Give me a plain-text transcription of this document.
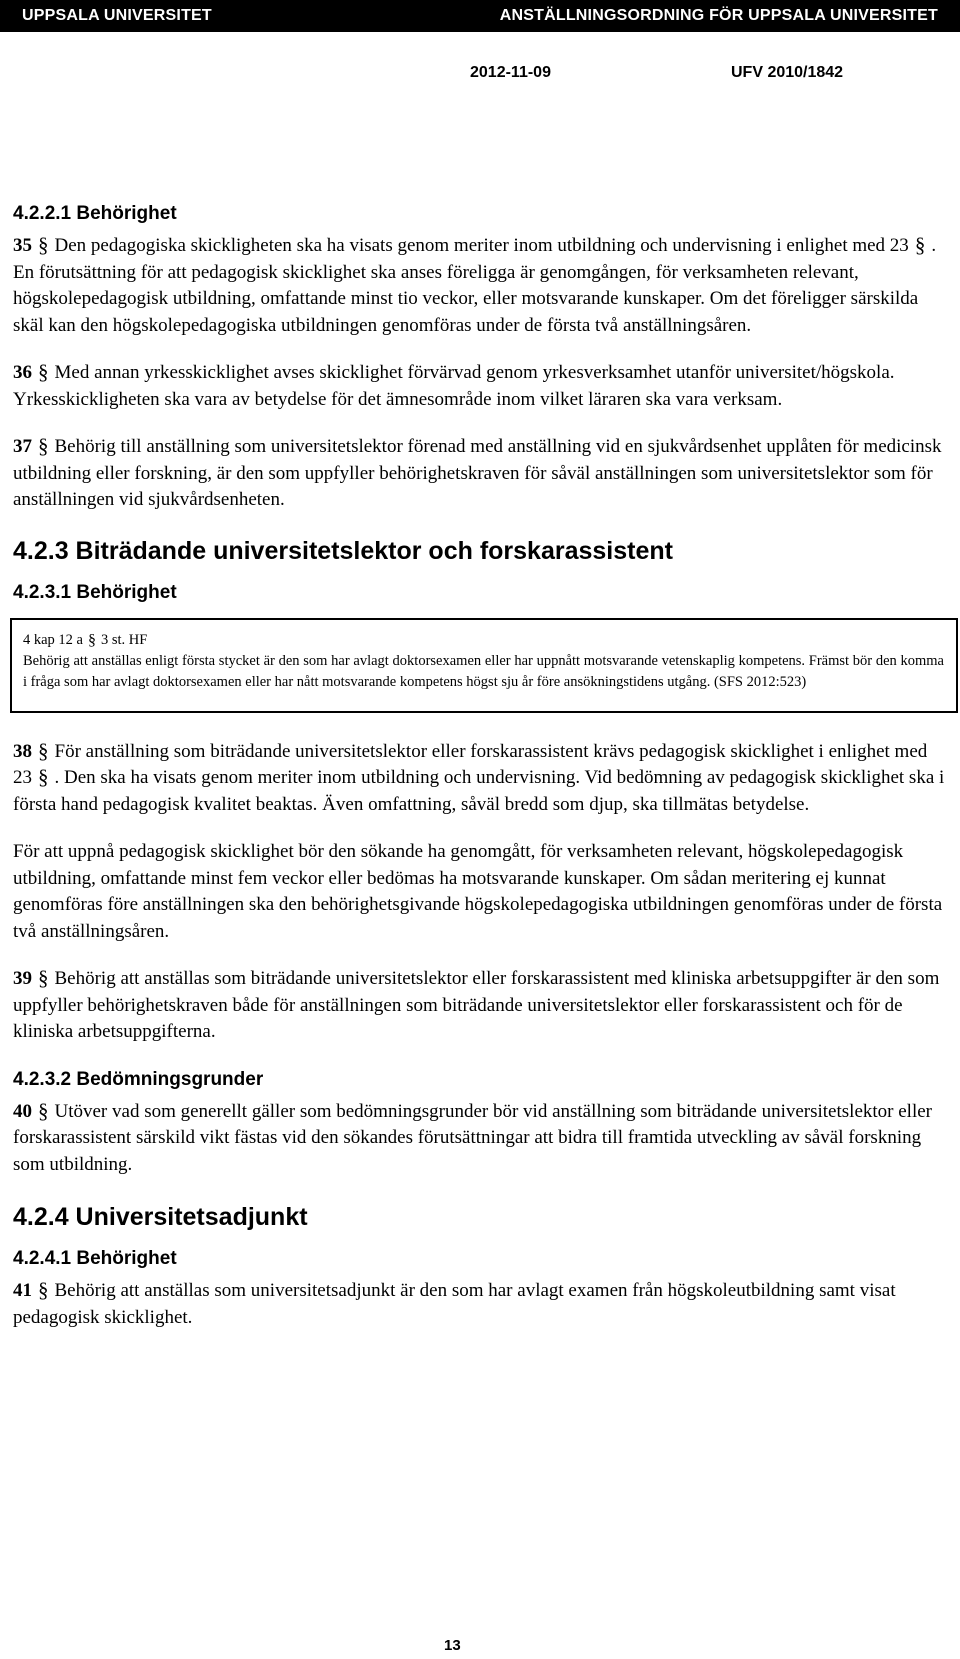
UPPSALA UNIVERSITET	ANSTÄLLNINGSORDNING FÖR UPPSALA UNIVERSITET
2012-11-09	UFV 2010/1842
4.2.2.1 Behörighet

35 § Den pedagogiska skickligheten ska ha visats genom meriter inom utbildning och undervisning i enlighet med 23 § .

En förutsättning för att pedagogisk skicklighet ska anses föreligga är genomgången, för verksamheten relevant, högskolepedagogisk utbildning, omfattande minst tio veckor, eller motsvarande kunskaper. Om det föreligger särskilda skäl kan den högskolepedagogiska utbildningen genomföras under de första två anställningsåren.

36 § Med annan yrkesskicklighet avses skicklighet förvärvad genom yrkesverksamhet utanför universitet/högskola. Yrkesskickligheten ska vara av betydelse för det ämnesområde inom vilket läraren ska vara verksam.

37 § Behörig till anställning som universitetslektor förenad med anställning vid en sjukvårdsenhet upplåten för medicinsk utbildning eller forskning, är den som uppfyller behörighetskraven för såväl anställningen som universitetslektor som för anställningen vid sjukvårdsenheten.

4.2.3 Biträdande universitetslektor och forskarassistent
4.2.3.1 Behörighet

4 kap 12 a § 3 st. HF

Behörig att anställas enligt första stycket är den som har avlagt doktorsexamen eller har uppnått motsvarande vetenskaplig kompetens. Främst bör den komma i fråga som har avlagt doktorsexamen eller har nått motsvarande kompetens högst sju år före ansökningstidens utgång. (SFS 2012:523)

38 § För anställning som biträdande universitetslektor eller forskarassistent krävs pedagogisk skicklighet i enlighet med 23 § . Den ska ha visats genom meriter inom utbildning och undervisning. Vid bedömning av pedagogisk skicklighet ska i första hand pedagogisk kvalitet beaktas. Även omfattning, såväl bredd som djup, ska tillmätas betydelse.

För att uppnå pedagogisk skicklighet bör den sökande ha genomgått, för verksamheten relevant, högskolepedagogisk utbildning, omfattande minst fem veckor eller bedömas ha motsvarande kunskaper. Om sådan meritering ej kunnat genomföras före anställningen ska den behörighetsgivande högskolepedagogiska utbildningen genomföras under de första två anställningsåren.

39 § Behörig att anställas som biträdande universitetslektor eller forskarassistent med kliniska arbetsuppgifter är den som uppfyller behörighetskraven både för anställningen som biträdande universitetslektor eller forskarassistent och för de kliniska arbetsuppgifterna.

4.2.3.2 Bedömningsgrunder

40 § Utöver vad som generellt gäller som bedömningsgrunder bör vid anställning som biträdande universitetslektor eller forskarassistent särskild vikt fästas vid den sökandes förutsättningar att bidra till framtida utveckling av såväl forskning som utbildning.

4.2.4 Universitetsadjunkt
4.2.4.1 Behörighet

41 § Behörig att anställas som universitetsadjunkt är den som har avlagt examen från högskoleutbildning samt visat pedagogisk skicklighet.

13
